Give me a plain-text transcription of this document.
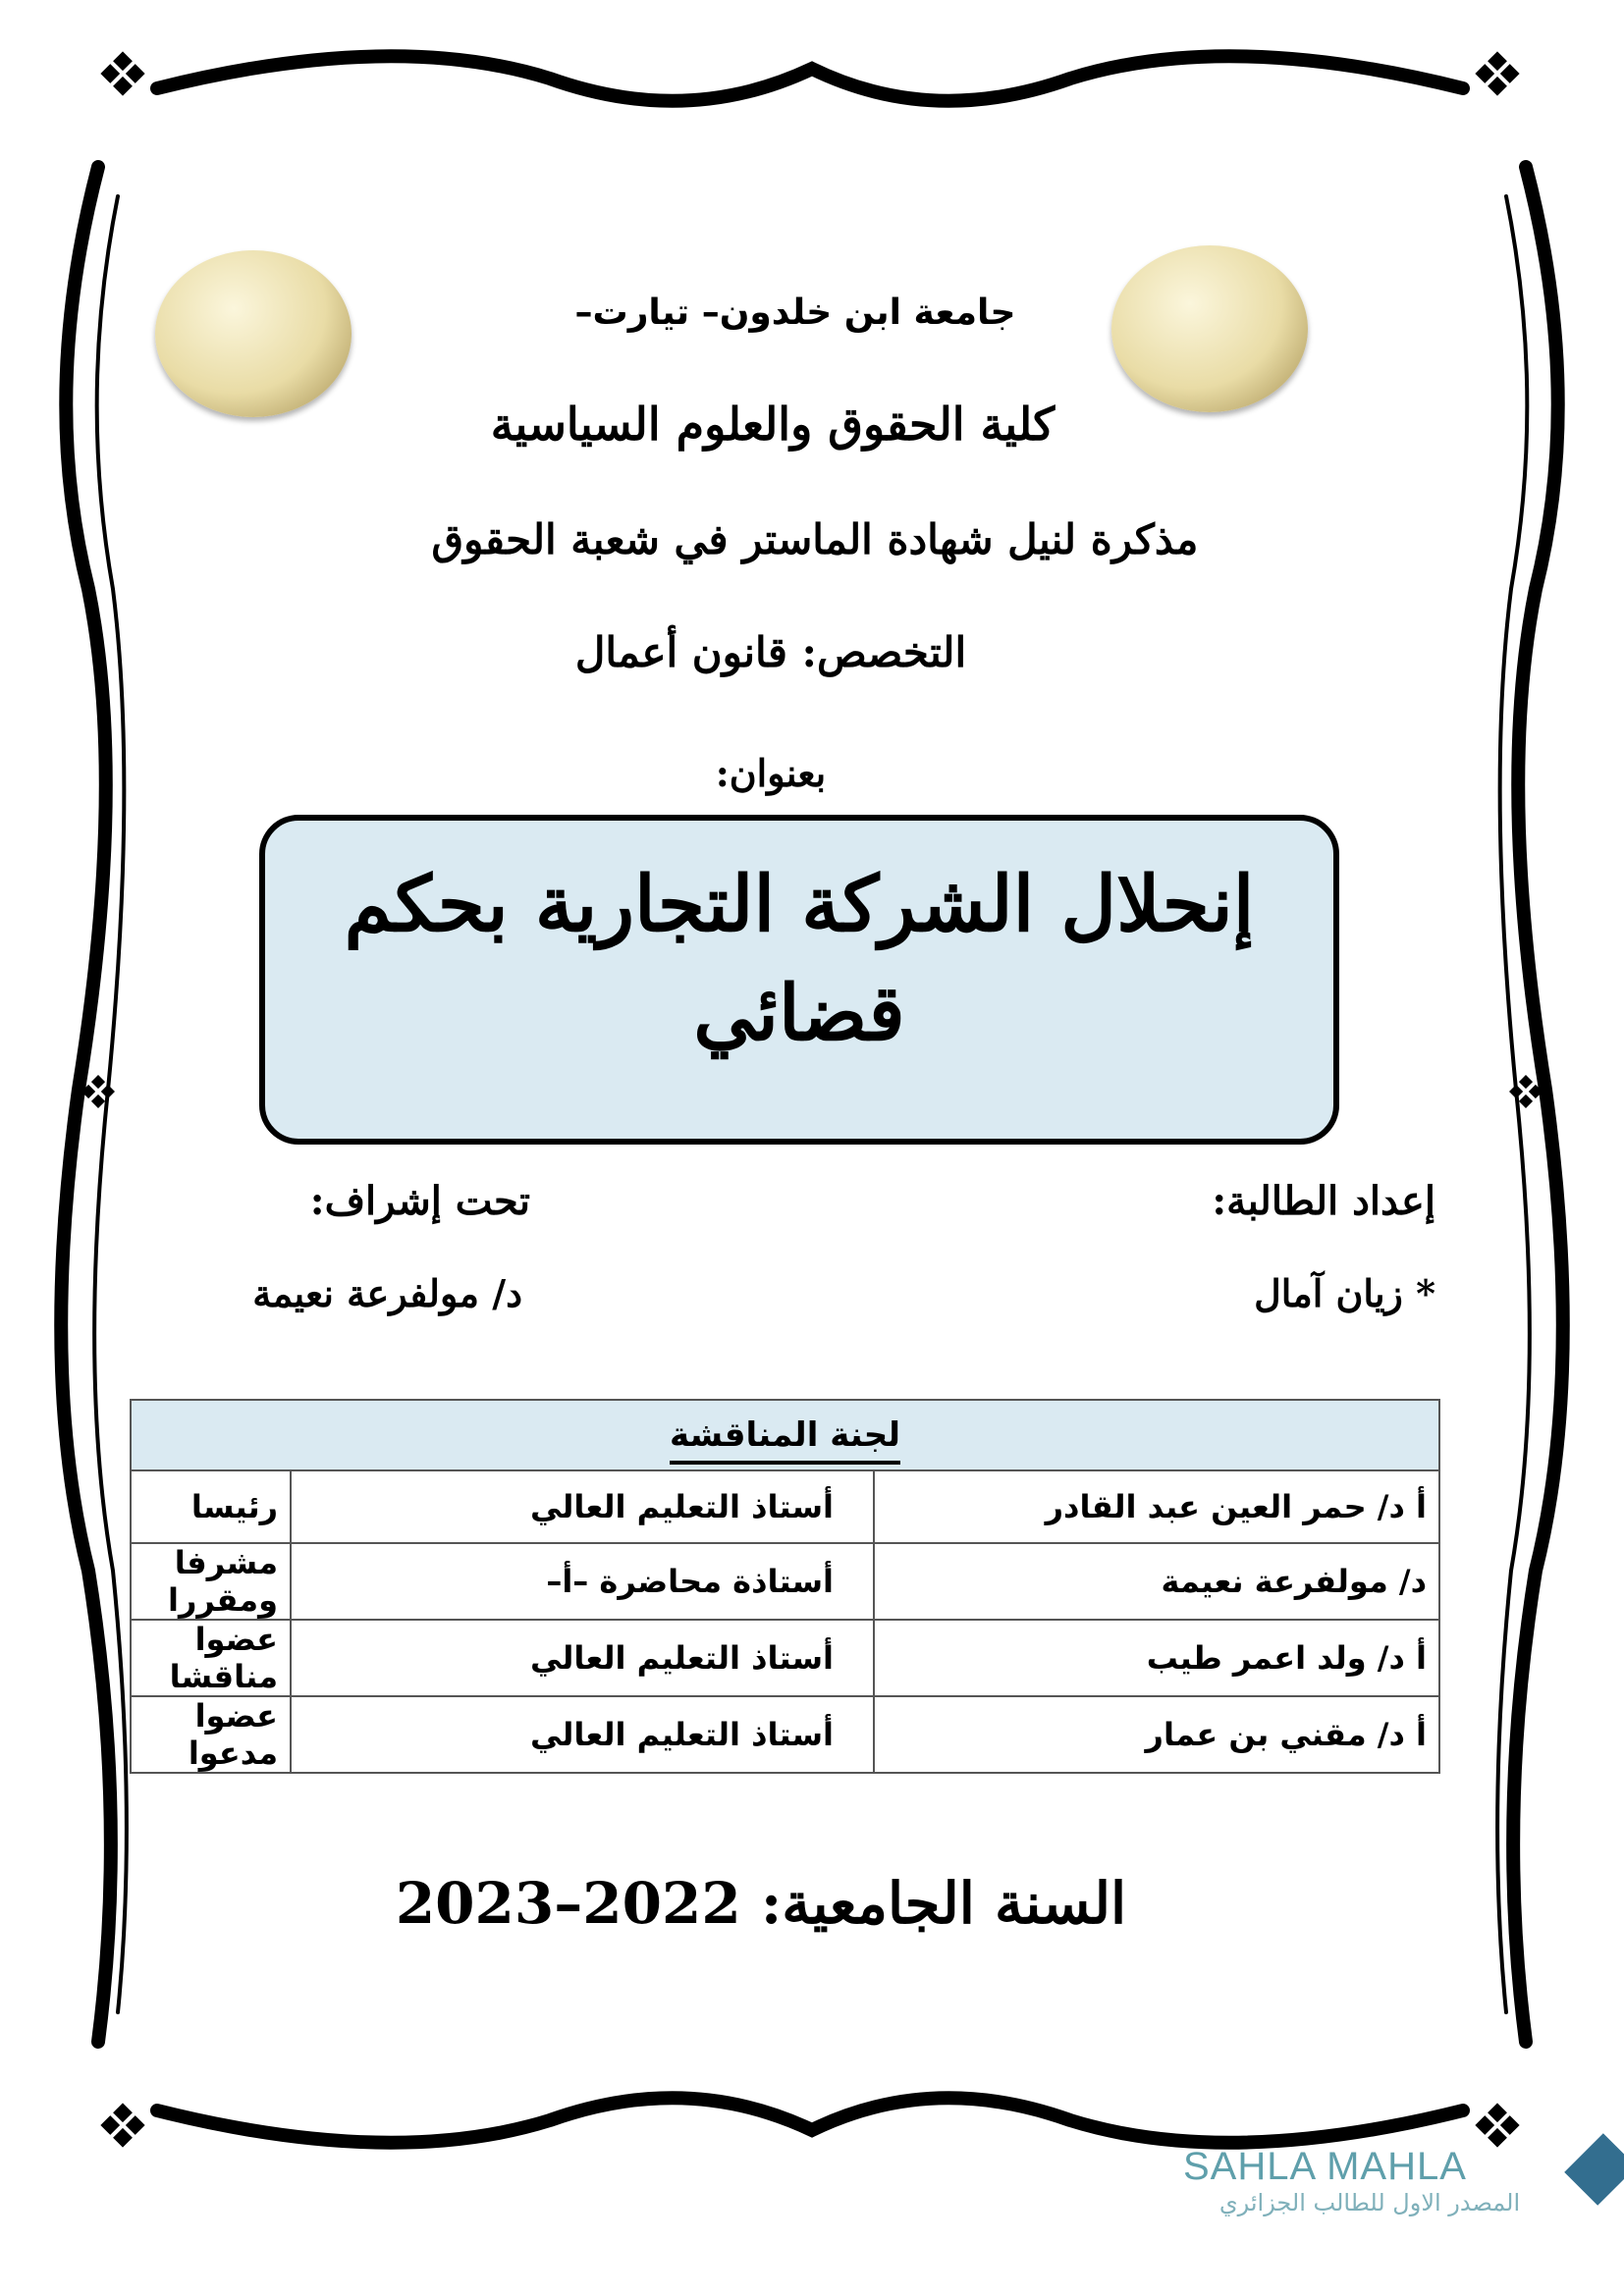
جامعة ابن خلدون– تيارت–
كلية الحقوق والعلوم السياسية
مذكرة لنيل شهادة الماستر في شعبة الحقوق
التخصص: قانون أعمال
بعنوان:
إنحلال الشركة التجارية بحكم
قضائي
إعداد الطالبة:
تحت إشراف:
* زيان آمال
د/ مولفرعة نعيمة
لجنة المناقشة		
أ د/ حمر العين عبد القادر	أستاذ التعليم العالي	رئيسا
د/ مولفرعة نعيمة	أستاذة محاضرة –أ–	مشرفا ومقررا
أ د/ ولد اعمر طيب	أستاذ التعليم العالي	عضوا مناقشا
أ د/ مقني بن عمار	أستاذ التعليم العالي	عضوا مدعوا
السنة الجامعية: 2022–2023
SAHLA MAHLA
المصدر الاول للطالب الجزائري
